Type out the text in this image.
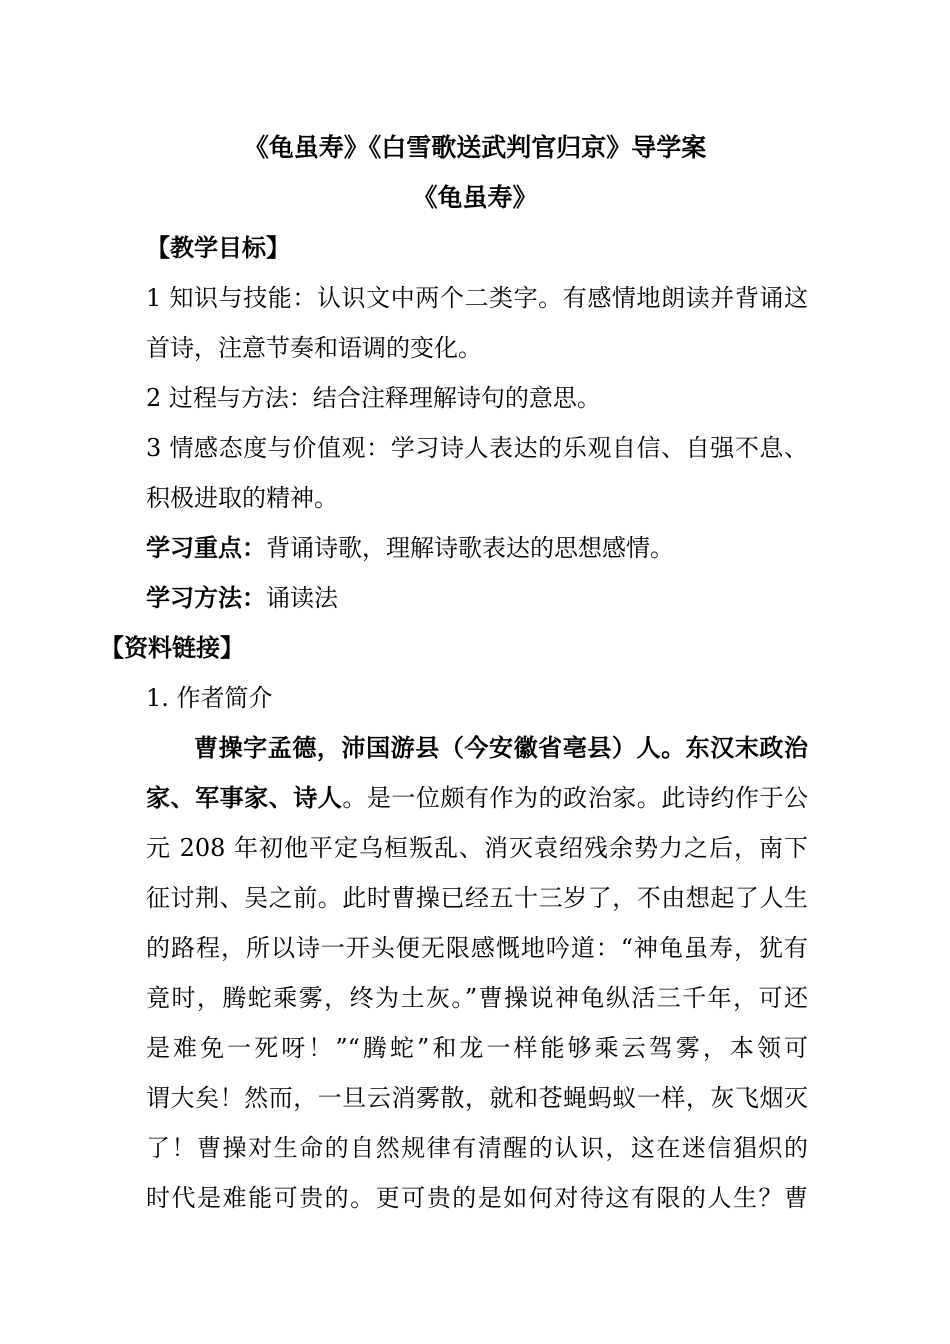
《龟虽寿》《白雪歌送武判官归京》导学案
《龟虽寿》
【教学目标】
1 知识与技能：认识文中两个二类字。有感情地朗读并背诵这
首诗，注意节奏和语调的变化。
2 过程与方法：结合注释理解诗句的意思。
3 情感态度与价值观：学习诗人表达的乐观自信、自强不息、
积极进取的精神。
学习重点：背诵诗歌，理解诗歌表达的思想感情。
学习方法：诵读法
【资料链接】
1. 作者简介
曹操字孟德，沛国游县（今安徽省亳县）人。东汉末政治
家、军事家、诗人。是一位颇有作为的政治家。此诗约作于公
元 208 年初他平定乌桓叛乱、消灭袁绍残余势力之后，南下
征讨荆、吴之前。此时曹操已经五十三岁了，不由想起了人生
的路程，所以诗一开头便无限感慨地吟道：“神龟虽寿，犹有
竟时，腾蛇乘雾，终为土灰。”曹操说神龟纵活三千年，可还
是难免一死呀！”“腾蛇”和龙一样能够乘云驾雾，本领可
谓大矣！然而，一旦云消雾散，就和苍蝇蚂蚁一样，灰飞烟灭
了！曹操对生命的自然规律有清醒的认识，这在迷信猖炽的
时代是难能可贵的。更可贵的是如何对待这有限的人生？曹
